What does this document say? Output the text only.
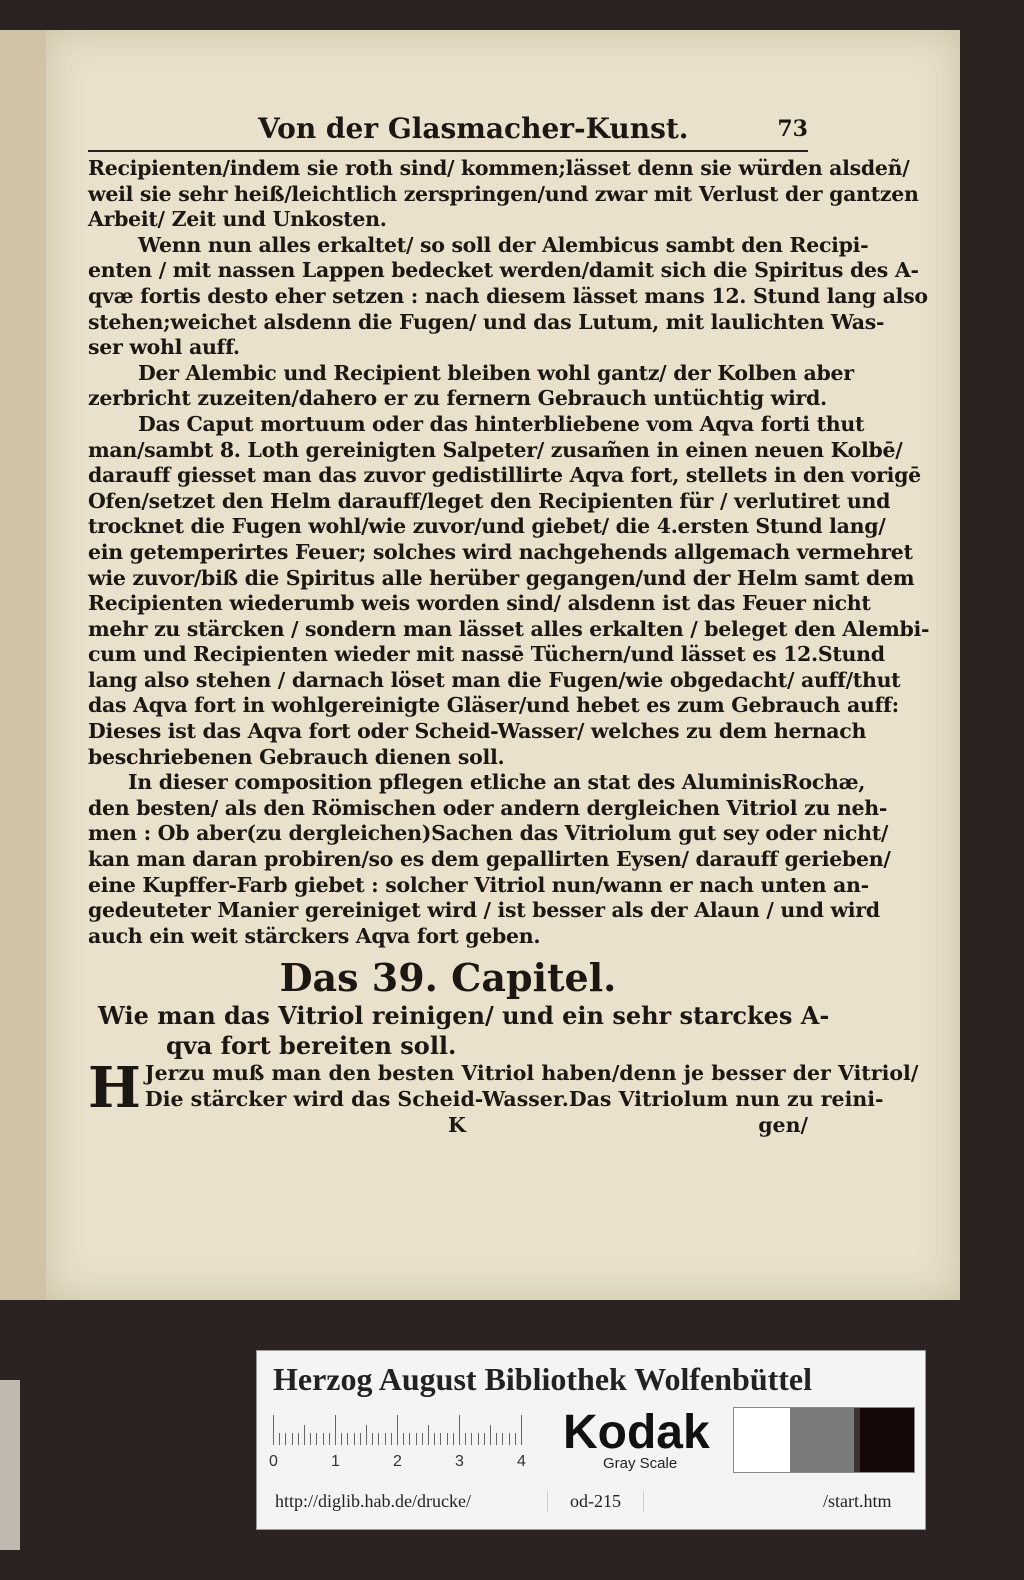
Von der Glasmacher-Kunst.	73

Recipienten/indem sie roth sind/ kommen;lässet denn sie würden alsdeñ/

weil sie sehr heiß/leichtlich zerspringen/und zwar mit Verlust der gantzen

Arbeit/ Zeit und Unkosten.

Wenn nun alles erkaltet/ so soll der Alembicus sambt den Recipi-

enten / mit nassen Lappen bedecket werden/damit sich die Spiritus des A-

qvæ fortis desto eher setzen : nach diesem lässet mans 12. Stund lang also

stehen;weichet alsdenn die Fugen/ und das Lutum, mit laulichten Was-

ser wohl auff.

Der Alembic und Recipient bleiben wohl gantz/ der Kolben aber

zerbricht zuzeiten/dahero er zu fernern Gebrauch untüchtig wird.

Das Caput mortuum oder das hinterbliebene vom Aqva forti thut

man/sambt 8. Loth gereinigten Salpeter/ zusam̃en in einen neuen Kolbē/

darauff giesset man das zuvor gedistillirte Aqva fort, stellets in den vorigē

Ofen/setzet den Helm darauff/leget den Recipienten für / verlutiret und

trocknet die Fugen wohl/wie zuvor/und giebet/ die 4.ersten Stund lang/

ein getemperirtes Feuer; solches wird nachgehends allgemach vermehret

wie zuvor/biß die Spiritus alle herüber gegangen/und der Helm samt dem

Recipienten wiederumb weis worden sind/ alsdenn ist das Feuer nicht

mehr zu stärcken / sondern man lässet alles erkalten / beleget den Alembi-

cum und Recipienten wieder mit nassē Tüchern/und lässet es 12.Stund

lang also stehen / darnach löset man die Fugen/wie obgedacht/ auff/thut

das Aqva fort in wohlgereinigte Gläser/und hebet es zum Gebrauch auff:

Dieses ist das Aqva fort oder Scheid-Wasser/ welches zu dem hernach

beschriebenen Gebrauch dienen soll.

In dieser composition pflegen etliche an stat des AluminisRochæ,

den besten/ als den Römischen oder andern dergleichen Vitriol zu neh-

men : Ob aber(zu dergleichen)Sachen das Vitriolum gut sey oder nicht/

kan man daran probiren/so es dem gepallirten Eysen/ darauff gerieben/

eine Kupffer-Farb giebet : solcher Vitriol nun/wann er nach unten an-

gedeuteter Manier gereiniget wird / ist besser als der Alaun / und wird

auch ein weit stärckers Aqva fort geben.

Das 39. Capitel.

Wie man das Vitriol reinigen/ und ein sehr starckes A-

qva fort bereiten soll.

H Jerzu muß man den besten Vitriol haben/denn je besser der Vitriol/

Die stärcker wird das Scheid-Wasser.Das Vitriolum nun zu reini-

K	gen/
Herzog August Bibliothek Wolfenbüttel
0	1	2	3	4
Kodak
Gray Scale
http://diglib.hab.de/drucke/	od-215	/start.htm
